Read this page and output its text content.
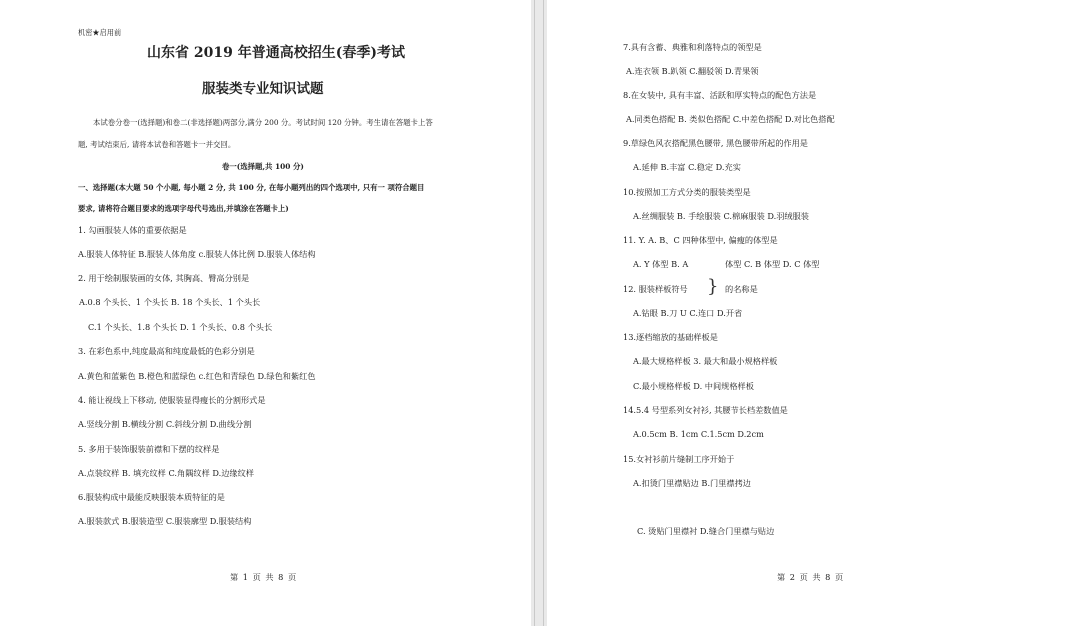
机密★启用前
山东省 2019 年普通高校招生(春季)考试
服装类专业知识试题
本试卷分卷一(选择题)和卷二(非选择题)两部分,满分 200 分。考试时间 120 分钟。考生请在答题卡上答
题, 考试结束后, 请将本试卷和答题卡一并交回。
卷一(选择题,共 100 分)
一、选择题(本大题 50 个小题, 每小题 2 分, 共 100 分, 在每小题列出的四个选项中, 只有一 项符合题目
要求, 请将符合题目要求的选项字母代号选出,并填涂在答题卡上)
1. 勾画服装人体的重要依据是
A.服装人体特征 B.服装人体角度 c.服装人体比例 D.服装人体结构
2. 用于绘制服装画的女体, 其胸高、臀高分别是
A.0.8 个头长、1 个头长 B. 18 个头长、1 个头长
C.1 个头长、1.8 个头长 D. 1 个头长、0.8 个头长
3. 在彩色系中,纯度最高和纯度最低的色彩分别是
A.黄色和蓝紫色 B.橙色和蓝绿色 c.红色和青绿色 D.绿色和紫红色
4. 能让视线上下移动, 使服装显得瘦长的分割形式是
A.竖线分割 B.横线分割 C.斜线分割 D.曲线分割
5. 多用于装饰服装前襟和下摆的纹样是
A.点装纹样 B. 填充纹样 C.角隅纹样 D.边缘纹样
6.服装构成中最能反映服装本质特征的是
A.服装款式 B.服装造型 C.服装廓型 D.服装结构
第 1 页 共 8 页
7.具有含蓄、典雅和利落特点的领型是
A.连衣领 B.趴领 C.翻驳领 D.青果领
8.在女装中, 具有丰富、活跃和厚实特点的配色方法是
A.同类色搭配 B. 类似色搭配 C.中差色搭配 D.对比色搭配
9.草绿色风衣搭配黑色腰带, 黑色腰带所起的作用是
A.延伸 B.丰富 C.稳定 D.充实
10.按照加工方式分类的服装类型是
A.丝绸服装 B. 手绘服装 C.棉麻服装 D.羽绒服装
11. Y. A. B、C 四种体型中, 偏瘦的体型是
A. Y 体型 B. A	体型 C. B 体型 D. C 体型
12. 服装样板符号 } 的名称是
A.钻眼 B.刀 U C.连口 D.开省
13.逐档缩放的基础样板是
A.最大规格样板 3. 最大和最小规格样板
C.最小规格样板 D. 中间规格样板
14.5.4 号型系列女衬衫, 其腰节长档差数值是
A.0.5cm B. 1cm C.1.5cm D.2cm
15.女衬衫前片缝制工序开始于
A.扣烫门里襟贴边 B.门里襟拷边
C. 烫贴门里襟衬 D.缝合门里襟与贴边
第 2 页 共 8 页
